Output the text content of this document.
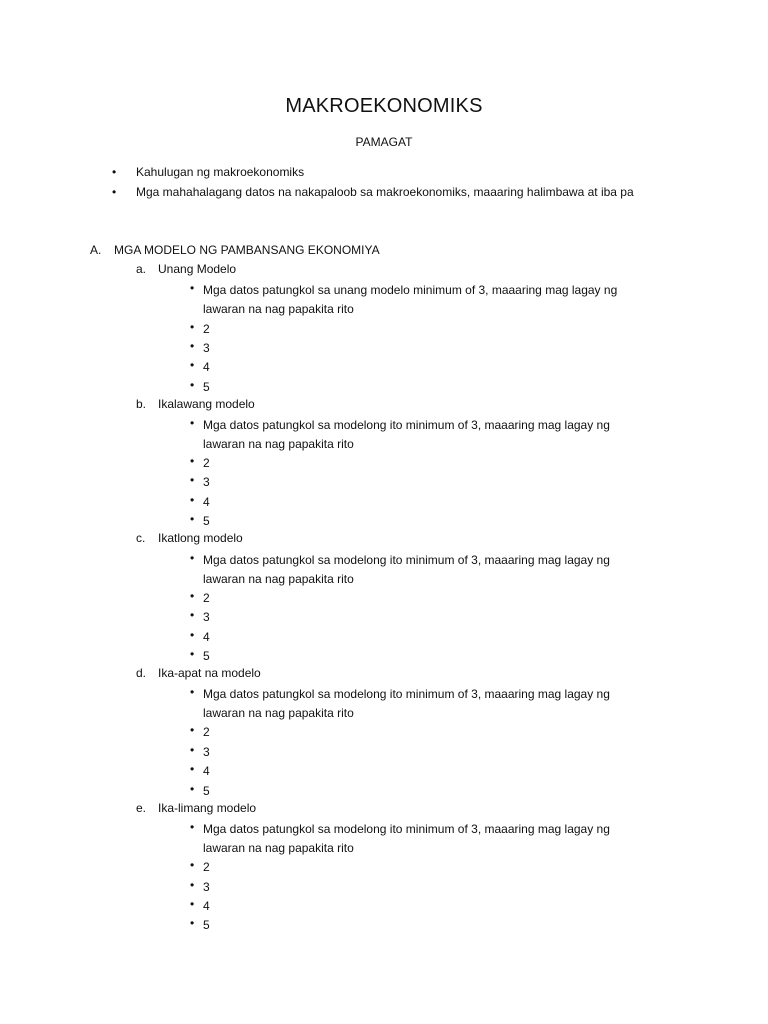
MAKROEKONOMIKS
PAMAGAT
• Kahulugan ng makroekonomiks
• Mga mahahalagang datos na nakapaloob sa makroekonomiks, maaaring halimbawa at iba pa
A. MGA MODELO NG PAMBANSANG EKONOMIYA
a. Unang Modelo
• Mga datos patungkol sa unang modelo minimum of 3, maaaring mag lagay ng lawaran na nag papakita rito
• 2
• 3
• 4
• 5
b. Ikalawang modelo
• Mga datos patungkol sa modelong ito minimum of 3, maaaring mag lagay ng lawaran na nag papakita rito
• 2
• 3
• 4
• 5
c. Ikatlong modelo
• Mga datos patungkol sa modelong ito minimum of 3, maaaring mag lagay ng lawaran na nag papakita rito
• 2
• 3
• 4
• 5
d. Ika-apat na modelo
• Mga datos patungkol sa modelong ito minimum of 3, maaaring mag lagay ng lawaran na nag papakita rito
• 2
• 3
• 4
• 5
e. Ika-limang modelo
• Mga datos patungkol sa modelong ito minimum of 3, maaaring mag lagay ng lawaran na nag papakita rito
• 2
• 3
• 4
• 5
